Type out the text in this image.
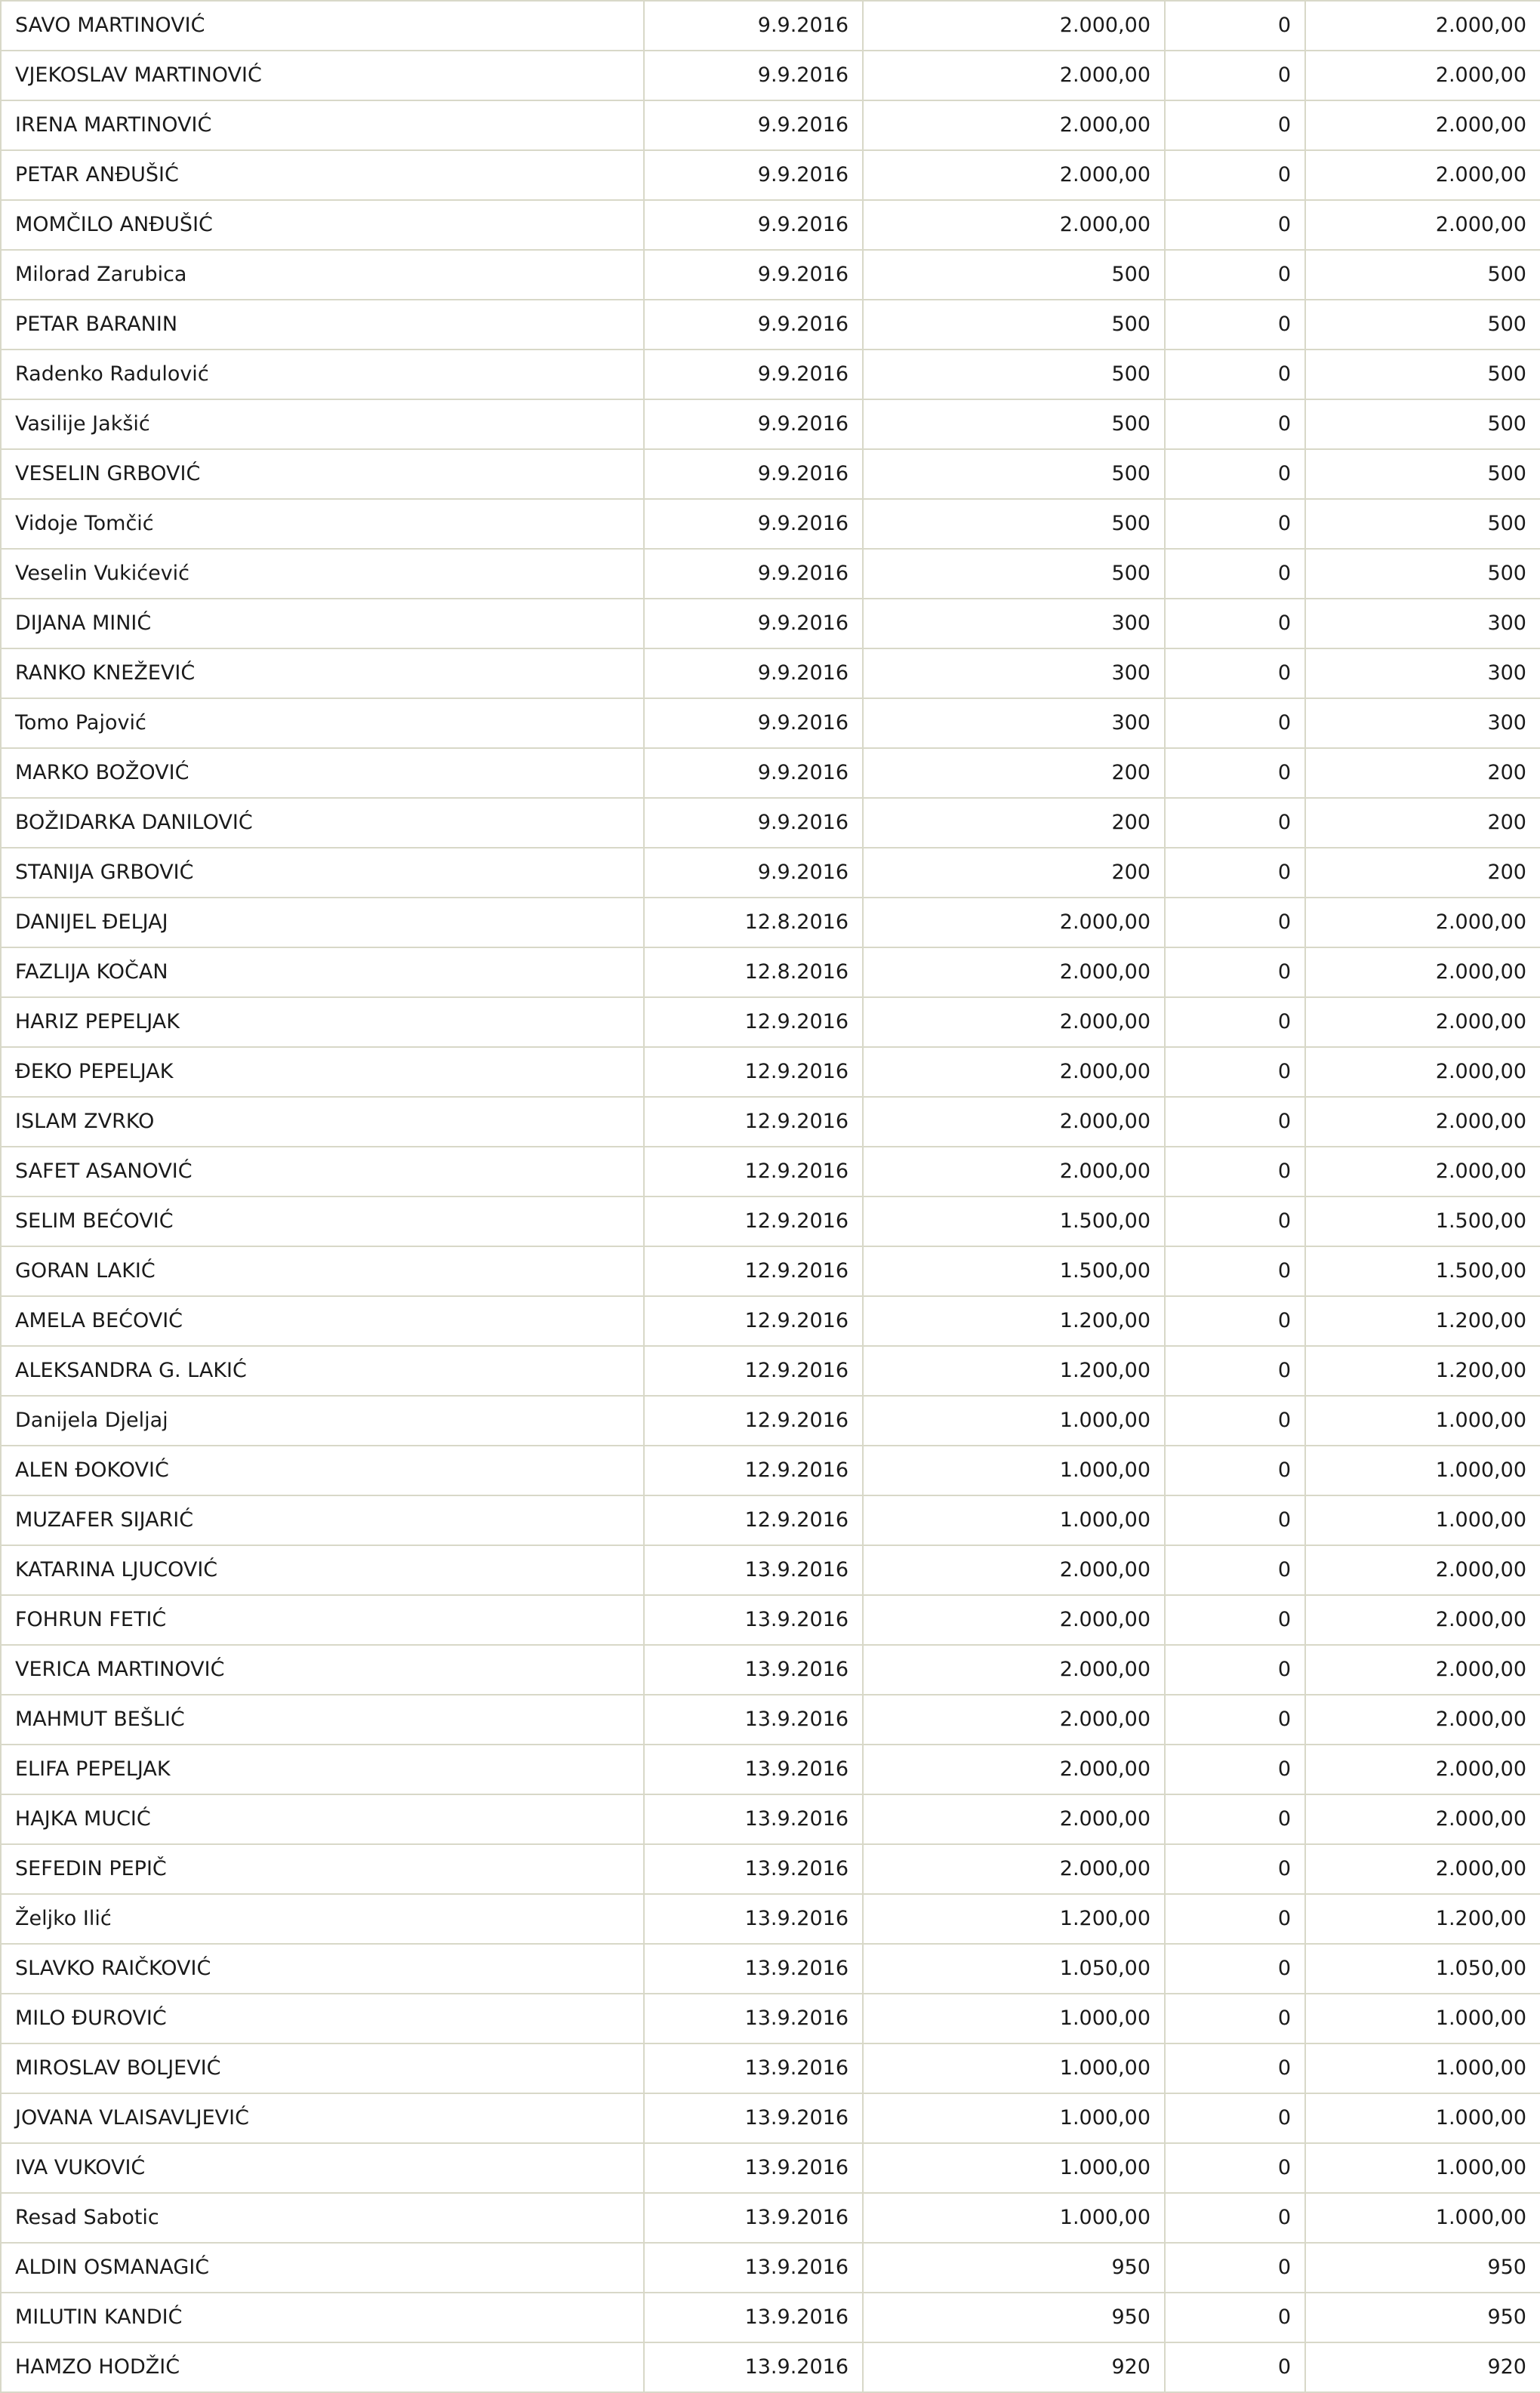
SAVO MARTINOVIĆ	9.9.2016	2.000,00	0	2.000,00
VJEKOSLAV MARTINOVIĆ	9.9.2016	2.000,00	0	2.000,00
IRENA MARTINOVIĆ	9.9.2016	2.000,00	0	2.000,00
PETAR ANĐUŠIĆ	9.9.2016	2.000,00	0	2.000,00
MOMČILO ANĐUŠIĆ	9.9.2016	2.000,00	0	2.000,00
Milorad Zarubica	9.9.2016	500	0	500
PETAR BARANIN	9.9.2016	500	0	500
Radenko Radulović	9.9.2016	500	0	500
Vasilije Jakšić	9.9.2016	500	0	500
VESELIN GRBOVIĆ	9.9.2016	500	0	500
Vidoje Tomčić	9.9.2016	500	0	500
Veselin Vukićević	9.9.2016	500	0	500
DIJANA MINIĆ	9.9.2016	300	0	300
RANKO KNEŽEVIĆ	9.9.2016	300	0	300
Tomo Pajović	9.9.2016	300	0	300
MARKO BOŽOVIĆ	9.9.2016	200	0	200
BOŽIDARKA DANILOVIĆ	9.9.2016	200	0	200
STANIJA GRBOVIĆ	9.9.2016	200	0	200
DANIJEL ĐELJAJ	12.8.2016	2.000,00	0	2.000,00
FAZLIJA KOČAN	12.8.2016	2.000,00	0	2.000,00
HARIZ PEPELJAK	12.9.2016	2.000,00	0	2.000,00
ĐEKO PEPELJAK	12.9.2016	2.000,00	0	2.000,00
ISLAM ZVRKO	12.9.2016	2.000,00	0	2.000,00
SAFET ASANOVIĆ	12.9.2016	2.000,00	0	2.000,00
SELIM BEĆOVIĆ	12.9.2016	1.500,00	0	1.500,00
GORAN LAKIĆ	12.9.2016	1.500,00	0	1.500,00
AMELA BEĆOVIĆ	12.9.2016	1.200,00	0	1.200,00
ALEKSANDRA G. LAKIĆ	12.9.2016	1.200,00	0	1.200,00
Danijela Djeljaj	12.9.2016	1.000,00	0	1.000,00
ALEN ĐOKOVIĆ	12.9.2016	1.000,00	0	1.000,00
MUZAFER SIJARIĆ	12.9.2016	1.000,00	0	1.000,00
KATARINA LJUCOVIĆ	13.9.2016	2.000,00	0	2.000,00
FOHRUN FETIĆ	13.9.2016	2.000,00	0	2.000,00
VERICA MARTINOVIĆ	13.9.2016	2.000,00	0	2.000,00
MAHMUT BEŠLIĆ	13.9.2016	2.000,00	0	2.000,00
ELIFA PEPELJAK	13.9.2016	2.000,00	0	2.000,00
HAJKA MUCIĆ	13.9.2016	2.000,00	0	2.000,00
SEFEDIN PEPIČ	13.9.2016	2.000,00	0	2.000,00
Željko Ilić	13.9.2016	1.200,00	0	1.200,00
SLAVKO RAIČKOVIĆ	13.9.2016	1.050,00	0	1.050,00
MILO ĐUROVIĆ	13.9.2016	1.000,00	0	1.000,00
MIROSLAV BOLJEVIĆ	13.9.2016	1.000,00	0	1.000,00
JOVANA VLAISAVLJEVIĆ	13.9.2016	1.000,00	0	1.000,00
IVA VUKOVIĆ	13.9.2016	1.000,00	0	1.000,00
Resad Sabotic	13.9.2016	1.000,00	0	1.000,00
ALDIN OSMANAGIĆ	13.9.2016	950	0	950
MILUTIN KANDIĆ	13.9.2016	950	0	950
HAMZO HODŽIĆ	13.9.2016	920	0	920
